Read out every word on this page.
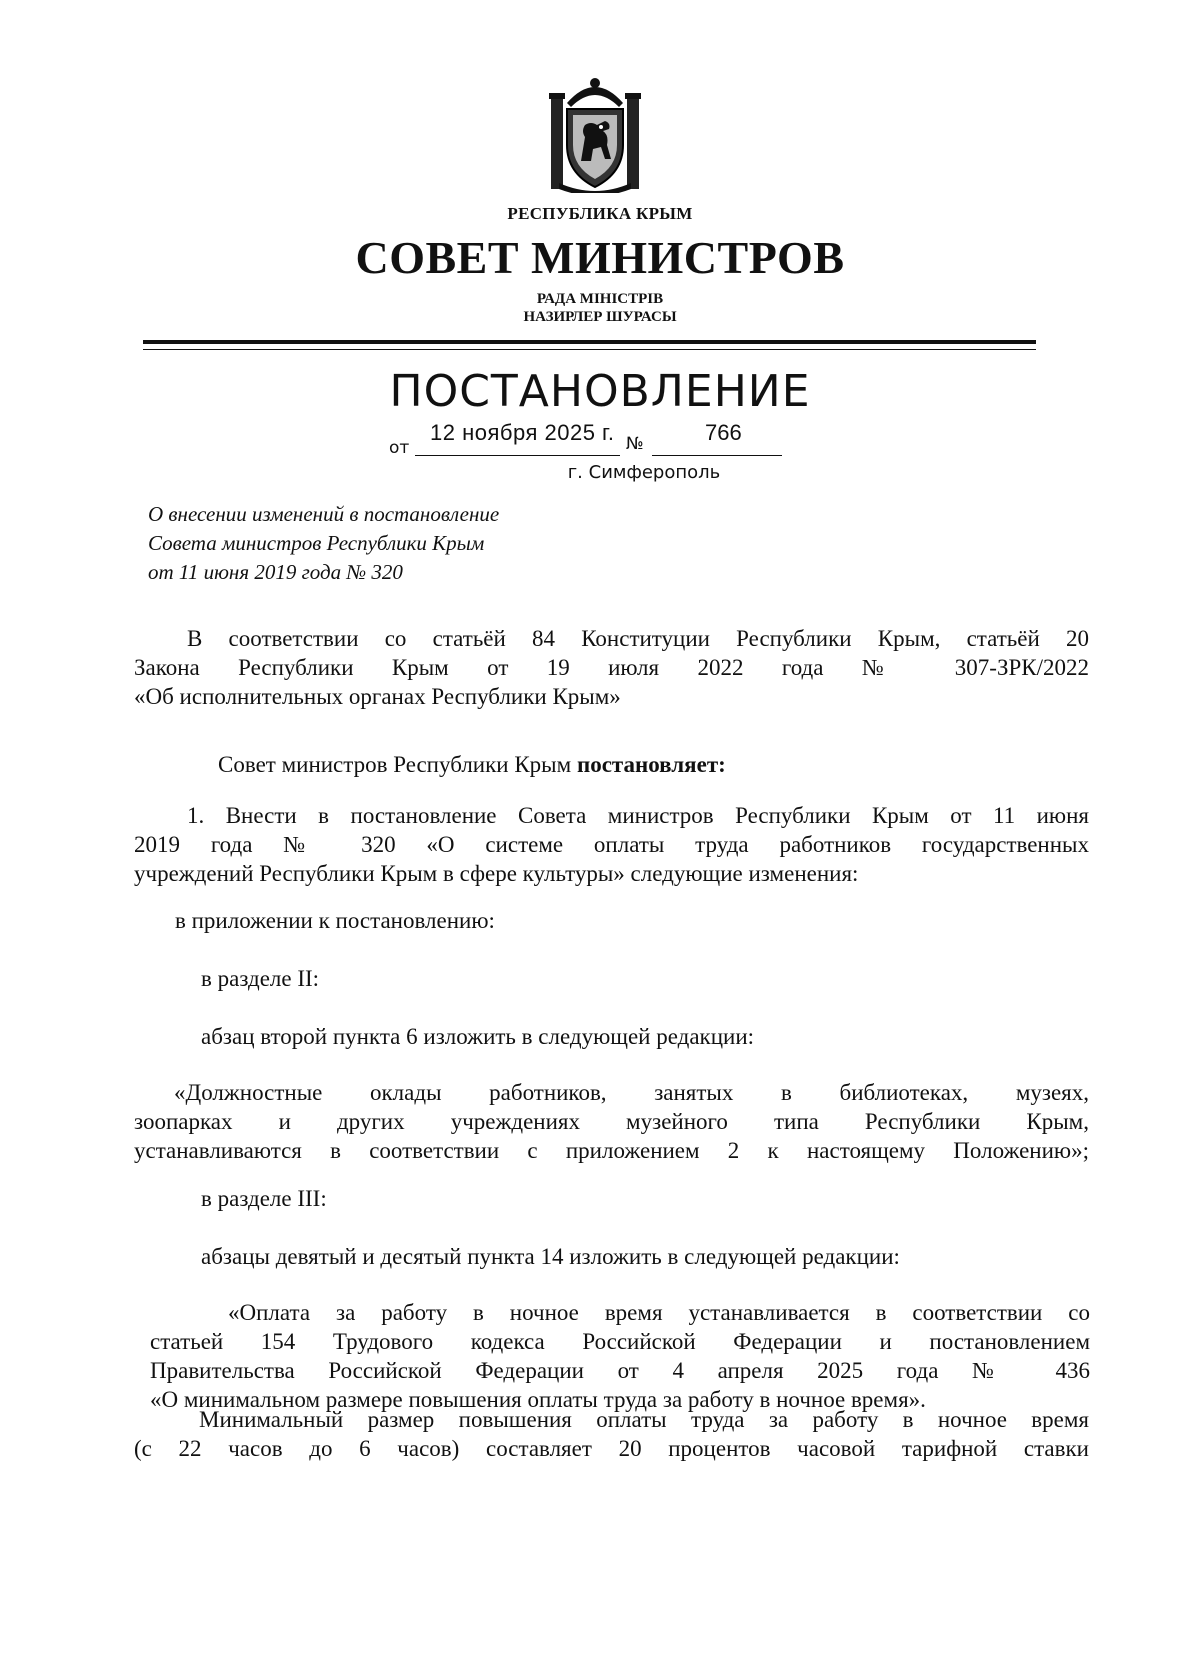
РЕСПУБЛИКА КРЫМ
СОВЕТ МИНИСТРОВ
РАДА МІНІСТРІВ
НАЗИРЛЕР ШУРАСЫ
ПОСТАНОВЛЕНИЕ
от
12 ноября 2025 г. №	766
г. Симферополь
О внесении изменений в постановление
Совета министров Республики Крым
от 11 июня 2019 года № 320
В соответствии со статьёй 84 Конституции Республики Крым, статьёй 20
Закона Республики Крым от 19 июля 2022 года № 307-ЗРК/2022
«Об исполнительных органах Республики Крым»
Совет министров Республики Крым постановляет:
1. Внести в постановление Совета министров Республики Крым от 11 июня
2019 года № 320 «О системе оплаты труда работников государственных
учреждений Республики Крым в сфере культуры» следующие изменения:
в приложении к постановлению:
в разделе II:
абзац второй пункта 6 изложить в следующей редакции:
«Должностные оклады работников, занятых в библиотеках, музеях,
зоопарках и других учреждениях музейного типа Республики Крым,
устанавливаются в соответствии с приложением 2 к настоящему Положению»;
в разделе III:
абзацы девятый и десятый пункта 14 изложить в следующей редакции:
«Оплата за работу в ночное время устанавливается в соответствии со
статьей 154 Трудового кодекса Российской Федерации и постановлением
Правительства Российской Федерации от 4 апреля 2025 года № 436
«О минимальном размере повышения оплаты труда за работу в ночное время».
Минимальный размер повышения оплаты труда за работу в ночное время
(с 22 часов до 6 часов) составляет 20 процентов часовой тарифной ставки
